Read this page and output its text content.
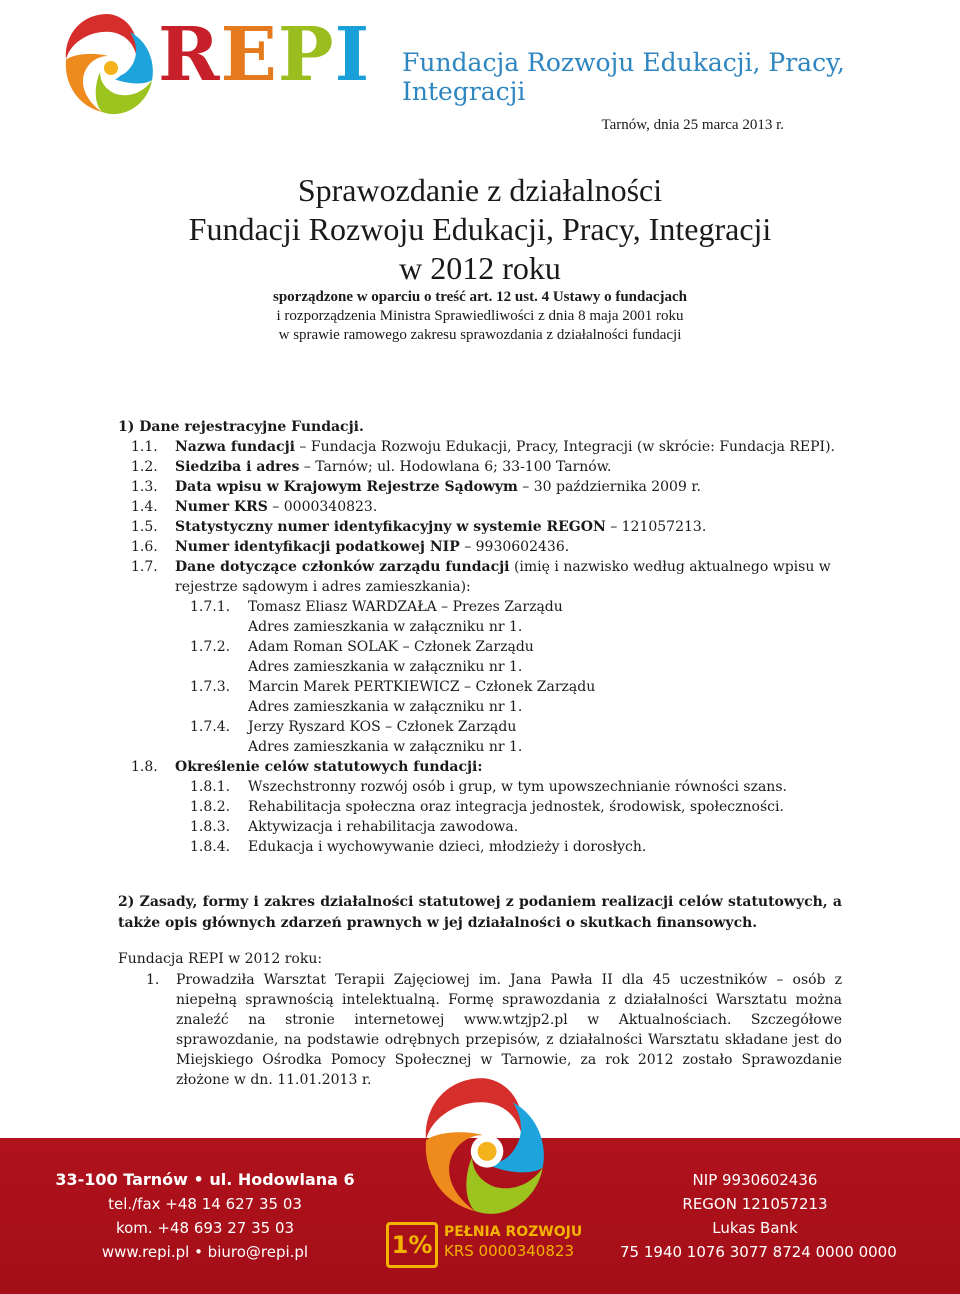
REPI Fundacja Rozwoju Edukacji, Pracy, Integracji
Tarnów, dnia 25 marca 2013 r.
Sprawozdanie z działalności
Fundacji Rozwoju Edukacji, Pracy, Integracji
w 2012 roku
sporządzone w oparciu o treść art. 12 ust. 4 Ustawy o fundacjach
i rozporządzenia Ministra Sprawiedliwości z dnia 8 maja 2001 roku
w sprawie ramowego zakresu sprawozdania z działalności fundacji
1) Dane rejestracyjne Fundacji.
1.1. Nazwa fundacji – Fundacja Rozwoju Edukacji, Pracy, Integracji (w skrócie: Fundacja REPI).
1.2. Siedziba i adres – Tarnów; ul. Hodowlana 6; 33-100 Tarnów.
1.3. Data wpisu w Krajowym Rejestrze Sądowym – 30 października 2009 r.
1.4. Numer KRS – 0000340823.
1.5. Statystyczny numer identyfikacyjny w systemie REGON – 121057213.
1.6. Numer identyfikacji podatkowej NIP – 9930602436.
1.7. Dane dotyczące członków zarządu fundacji (imię i nazwisko według aktualnego wpisu w
rejestrze sądowym i adres zamieszkania):
1.7.1. Tomasz Eliasz WARDZAŁA – Prezes Zarządu
Adres zamieszkania w załączniku nr 1.
1.7.2. Adam Roman SOLAK – Członek Zarządu
Adres zamieszkania w załączniku nr 1.
1.7.3. Marcin Marek PERTKIEWICZ – Członek Zarządu
Adres zamieszkania w załączniku nr 1.
1.7.4. Jerzy Ryszard KOS – Członek Zarządu
Adres zamieszkania w załączniku nr 1.
1.8. Określenie celów statutowych fundacji:
1.8.1. Wszechstronny rozwój osób i grup, w tym upowszechnianie równości szans.
1.8.2. Rehabilitacja społeczna oraz integracja jednostek, środowisk, społeczności.
1.8.3. Aktywizacja i rehabilitacja zawodowa.
1.8.4. Edukacja i wychowywanie dzieci, młodzieży i dorosłych.
2) Zasady, formy i zakres działalności statutowej z podaniem realizacji celów statutowych, a także opis głównych zdarzeń prawnych w jej działalności o skutkach finansowych.
Fundacja REPI w 2012 roku:
1. Prowadziła Warsztat Terapii Zajęciowej im. Jana Pawła II dla 45 uczestników – osób z niepełną sprawnością intelektualną. Formę sprawozdania z działalności Warsztatu można znaleźć na stronie internetowej www.wtzjp2.pl w Aktualnościach. Szczegółowe sprawozdanie, na podstawie odrębnych przepisów, z działalności Warsztatu składane jest do Miejskiego Ośrodka Pomocy Społecznej w Tarnowie, za rok 2012 zostało Sprawozdanie złożone w dn. 11.01.2013 r.
33-100 Tarnów • ul. Hodowlana 6
tel./fax +48 14 627 35 03
kom. +48 693 27 35 03
www.repi.pl • biuro@repi.pl	1% PEŁNIA ROZWOJU
KRS 0000340823
NIP 9930602436
REGON 121057213
Lukas Bank
75 1940 1076 3077 8724 0000 0000
